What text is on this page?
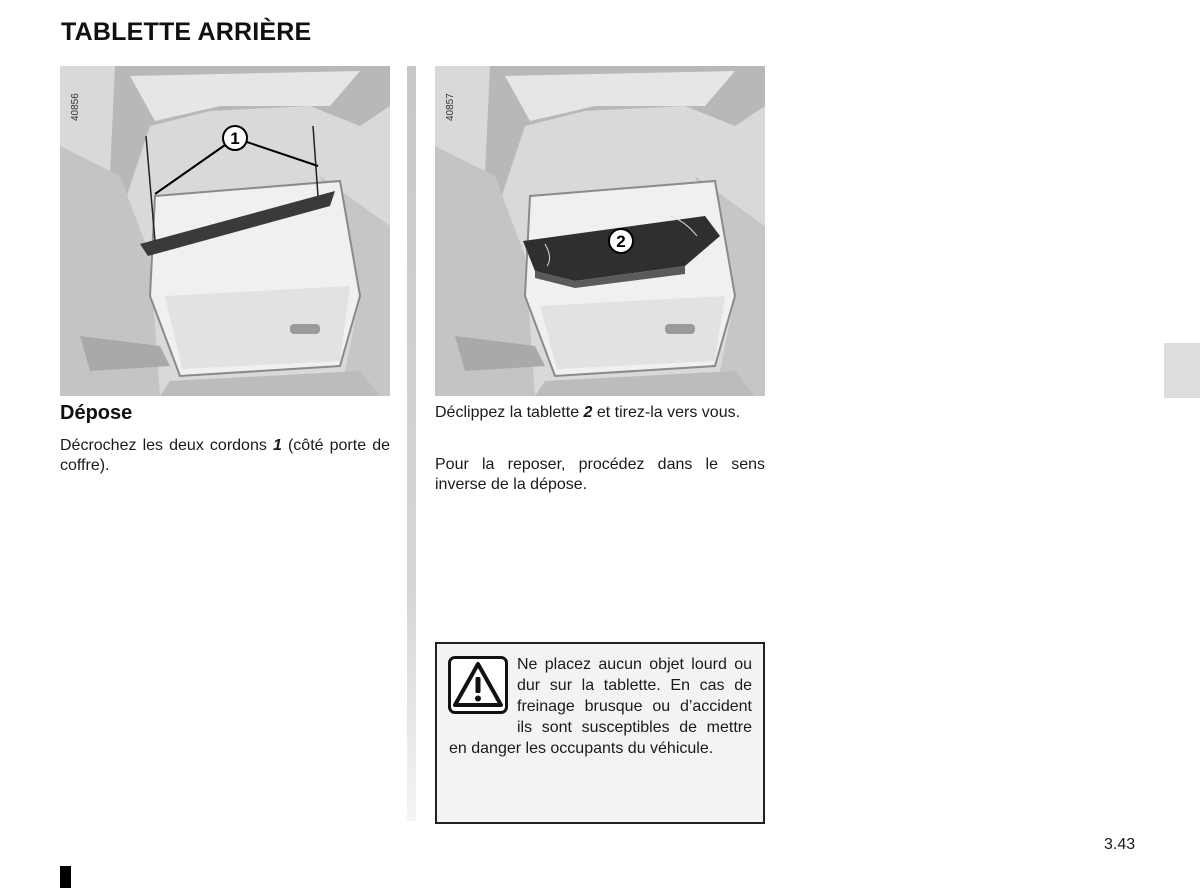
TABLETTE ARRIÈRE
1
40856
2
40857
Dépose
Décrochez les deux cordons 1 (côté porte de coffre).
Déclippez la tablette 2 et tirez-la vers vous.
Pour la reposer, procédez dans le sens inverse de la dépose.
Ne placez aucun objet lourd ou dur sur la tablette. En cas de freinage brusque ou d’accident ils sont susceptibles de mettre en danger les occupants du véhicule.
3.43
